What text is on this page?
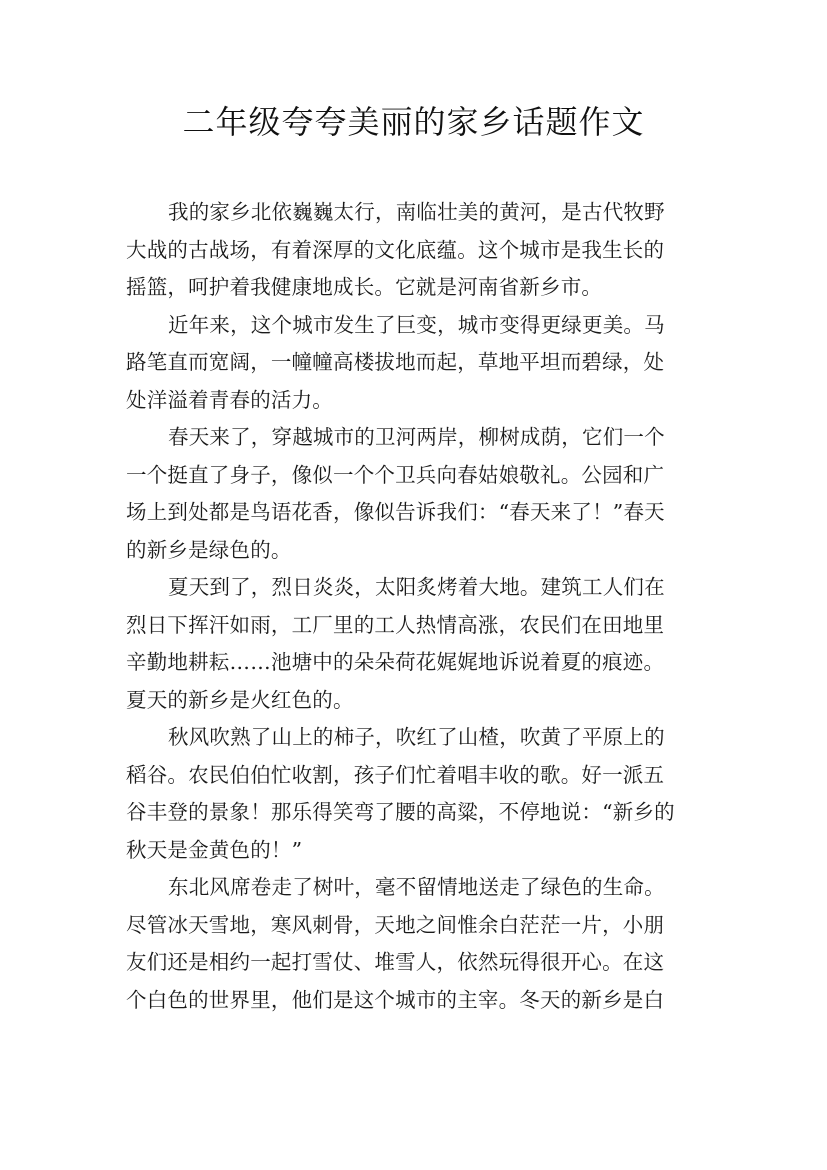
二年级夸夸美丽的家乡话题作文
我的家乡北依巍巍太行，南临壮美的黄河，是古代牧野
大战的古战场，有着深厚的文化底蕴。这个城市是我生长的
摇篮，呵护着我健康地成长。它就是河南省新乡市。
近年来，这个城市发生了巨变，城市变得更绿更美。马
路笔直而宽阔，一幢幢高楼拔地而起，草地平坦而碧绿，处
处洋溢着青春的活力。
春天来了，穿越城市的卫河两岸，柳树成荫，它们一个
一个挺直了身子，像似一个个卫兵向春姑娘敬礼。公园和广
场上到处都是鸟语花香，像似告诉我们：“春天来了！”春天
的新乡是绿色的。
夏天到了，烈日炎炎，太阳炙烤着大地。建筑工人们在
烈日下挥汗如雨，工厂里的工人热情高涨，农民们在田地里
辛勤地耕耘……池塘中的朵朵荷花娓娓地诉说着夏的痕迹。
夏天的新乡是火红色的。
秋风吹熟了山上的柿子，吹红了山楂，吹黄了平原上的
稻谷。农民伯伯忙收割，孩子们忙着唱丰收的歌。好一派五
谷丰登的景象！那乐得笑弯了腰的高粱，不停地说：“新乡的
秋天是金黄色的！”
东北风席卷走了树叶，毫不留情地送走了绿色的生命。
尽管冰天雪地，寒风刺骨，天地之间惟余白茫茫一片，小朋
友们还是相约一起打雪仗、堆雪人，依然玩得很开心。在这
个白色的世界里，他们是这个城市的主宰。冬天的新乡是白
